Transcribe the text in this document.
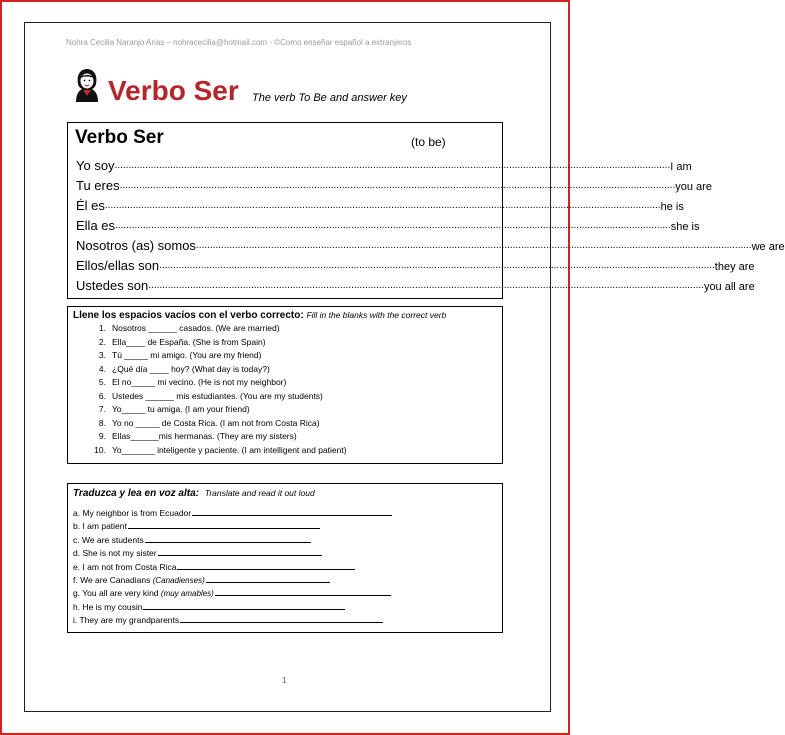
Nohra Cecilia Naranjo Arias – nohracecilia@hotmail.com - ©Como enseñar español a extranjeros
Verbo Ser The verb To Be and answer key
Verbo Ser	(to be)
Yo soy ........................................................................................................................................................................................................ I am
Tu eres ........................................................................................................................................................................................................ you are
Él es ........................................................................................................................................................................................................ he is
Ella es ........................................................................................................................................................................................................ she is
Nosotros (as) somos ........................................................................................................................................................................................................ we are
Ellos/ellas son ........................................................................................................................................................................................................ they are
Ustedes son ........................................................................................................................................................................................................ you all are
Llene los espacios vacíos con el verbo correcto: Fill in the blanks with the correct verb
1. Nosotros ______ casados. (We are married)
2. Ella____ de España. (She is from Spain)
3. Tú _____ mi amigo. (You are my friend)
4. ¿Qué día ____ hoy? (What day is today?)
5. El no_____ mi vecino. (He is not my neighbor)
6. Ustedes ______ mis estudiantes. (You are my students)
7. Yo_____ tu amiga. (I am your friend)
8. Yo no _____ de Costa Rica. (I am not from Costa Rica)
9. Ellas______mis hermanas. (They are my sisters)
10. Yo_______ inteligente y paciente. (I am intelligent and patient)
Traduzca y lea en voz alta: Translate and read it out loud
a. My neighbor is from Ecuador
b. I am patient
c. We are students
d. She is not my sister
e. I am not from Costa Rica
f. We are Canadians (Canadienses)
g. You all are very kind (muy amables)
h. He is my cousin
i. They are my grandparents
1
